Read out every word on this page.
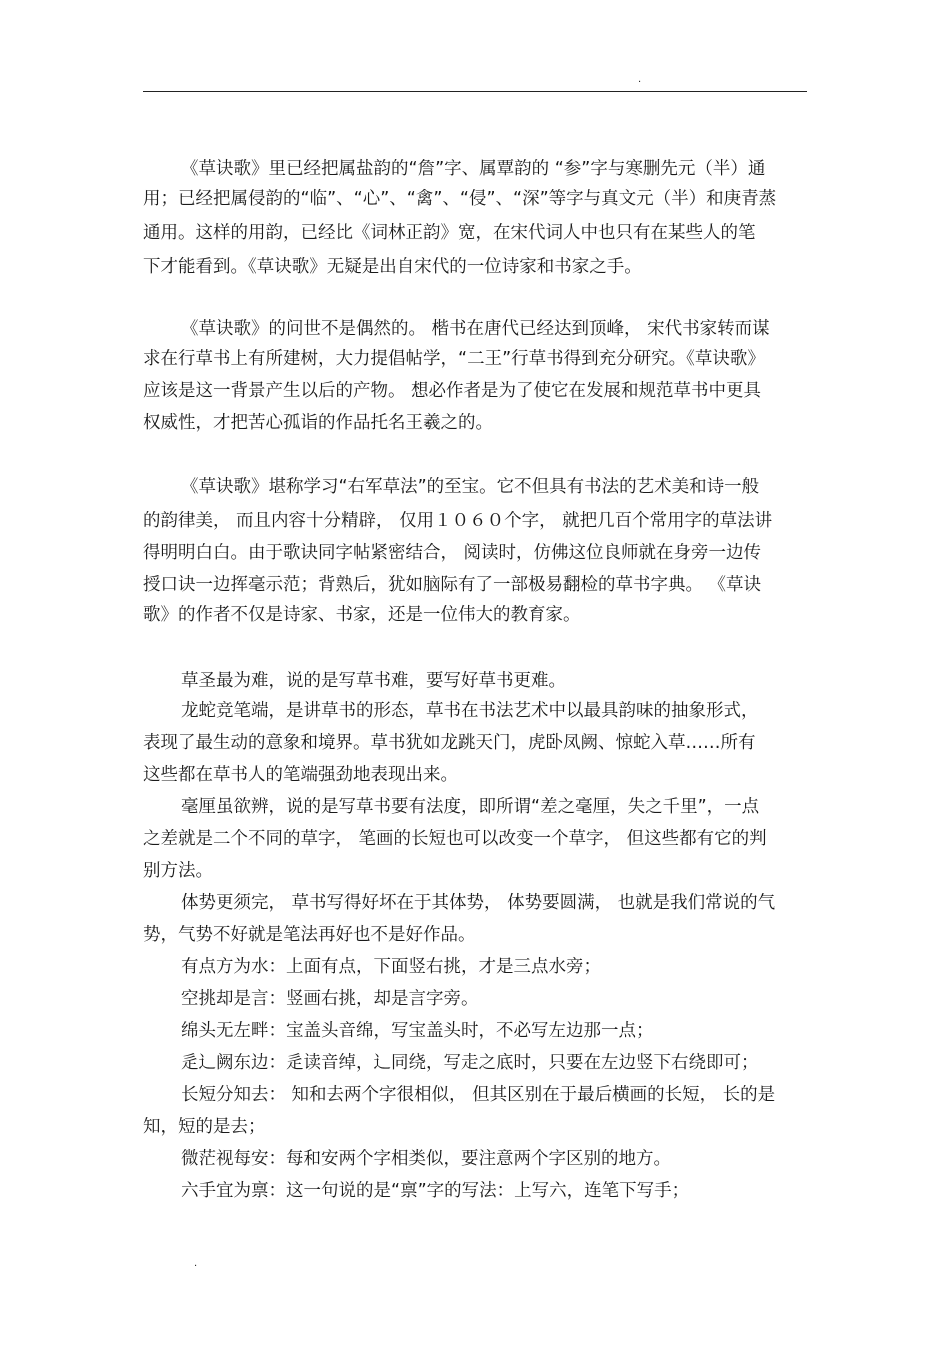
.
《草诀歌》里已经把属盐韵的“詹”字、属覃韵的 “参”字与寒删先元（半）通
用；已经把属侵韵的“临”、“心”、“禽”、“侵”、“深”等字与真文元（半）和庚青蒸
通用。这样的用韵，已经比《词林正韵》宽，在宋代词人中也只有在某些人的笔
下才能看到。《草诀歌》无疑是出自宋代的一位诗家和书家之手。
《草诀歌》的问世不是偶然的。 楷书在唐代已经达到顶峰， 宋代书家转而谋
求在行草书上有所建树，大力提倡帖学，“二王”行草书得到充分研究。《草诀歌》
应该是这一背景产生以后的产物。 想必作者是为了使它在发展和规范草书中更具
权威性，才把苦心孤诣的作品托名王羲之的。
《草诀歌》堪称学习“右军草法”的至宝。它不但具有书法的艺术美和诗一般
的韵律美， 而且内容十分精辟， 仅用１０６０个字， 就把几百个常用字的草法讲
得明明白白。由于歌诀同字帖紧密结合， 阅读时，仿佛这位良师就在身旁一边传
授口诀一边挥毫示范；背熟后，犹如脑际有了一部极易翻检的草书字典。 《草诀
歌》的作者不仅是诗家、书家，还是一位伟大的教育家。
草圣最为难，说的是写草书难，要写好草书更难。
龙蛇竞笔端，是讲草书的形态，草书在书法艺术中以最具韵味的抽象形式，
表现了最生动的意象和境界。草书犹如龙跳天门，虎卧凤阙、惊蛇入草……所有
这些都在草书人的笔端强劲地表现出来。
毫厘虽欲辨，说的是写草书要有法度，即所谓“差之毫厘，失之千里”，一点
之差就是二个不同的草字， 笔画的长短也可以改变一个草字， 但这些都有它的判
别方法。
体势更须完， 草书写得好坏在于其体势， 体势要圆满， 也就是我们常说的气
势，气势不好就是笔法再好也不是好作品。
有点方为水：上面有点，下面竖右挑，才是三点水旁；
空挑却是言：竖画右挑，却是言字旁。
绵头无左畔：宝盖头音绵，写宝盖头时，不必写左边那一点；
辵辶阙东边：辵读音绰，辶同绕，写走之底时，只要在左边竖下右绕即可；
长短分知去： 知和去两个字很相似， 但其区别在于最后横画的长短， 长的是
知，短的是去；
微茫视每安：每和安两个字相类似，要注意两个字区别的地方。
六手宜为禀：这一句说的是“禀”字的写法：上写六，连笔下写手；
.
